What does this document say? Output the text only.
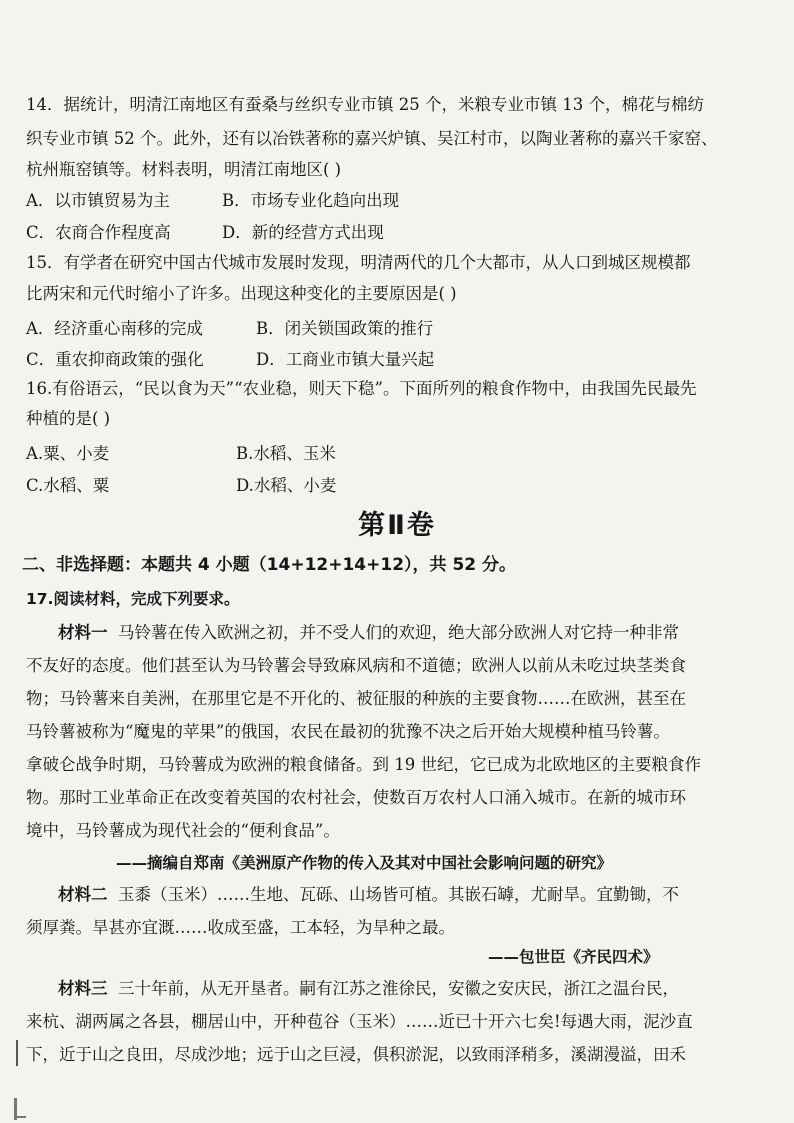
14．据统计，明清江南地区有蚕桑与丝织专业市镇 25 个，米粮专业市镇 13 个，棉花与棉纺
织专业市镇 52 个。此外，还有以冶铁著称的嘉兴炉镇、吴江村市，以陶业著称的嘉兴千家窑、
杭州瓶窑镇等。材料表明，明清江南地区( )
A．以市镇贸易为主	B．市场专业化趋向出现
C．农商合作程度高	D．新的经营方式出现
15．有学者在研究中国古代城市发展时发现，明清两代的几个大都市，从人口到城区规模都
比两宋和元代时缩小了许多。出现这种变化的主要原因是( )
A．经济重心南移的完成	B．闭关锁国政策的推行
C．重农抑商政策的强化	D．工商业市镇大量兴起
16.有俗语云，“民以食为天”“农业稳，则天下稳”。下面所列的粮食作物中，由我国先民最先
种植的是( )
A.粟、小麦	B.水稻、玉米
C.水稻、粟	D.水稻、小麦
第Ⅱ卷
二、非选择题：本题共 4 小题（14+12+14+12），共 52 分。
17.阅读材料，完成下列要求。
材料一 马铃薯在传入欧洲之初，并不受人们的欢迎，绝大部分欧洲人对它持一种非常
不友好的态度。他们甚至认为马铃薯会导致麻风病和不道德；欧洲人以前从未吃过块茎类食
物；马铃薯来自美洲，在那里它是不开化的、被征服的种族的主要食物……在欧洲，甚至在
马铃薯被称为“魔鬼的苹果”的俄国，农民在最初的犹豫不决之后开始大规模种植马铃薯。
拿破仑战争时期，马铃薯成为欧洲的粮食储备。到 19 世纪，它已成为北欧地区的主要粮食作
物。那时工业革命正在改变着英国的农村社会，使数百万农村人口涌入城市。在新的城市环
境中，马铃薯成为现代社会的“便利食品”。
——摘编自郑南《美洲原产作物的传入及其对中国社会影响问题的研究》
材料二 玉黍（玉米）……生地、瓦砾、山场皆可植。其嵌石罅，尤耐旱。宜勤锄，不
须厚粪。旱甚亦宜溉……收成至盛，工本轻，为旱种之最。
——包世臣《齐民四术》
材料三 三十年前，从无开垦者。嗣有江苏之淮徐民，安徽之安庆民，浙江之温台民，
来杭、湖两属之各县，棚居山中，开种苞谷（玉米）……近已十开六七矣!每遇大雨，泥沙直
下，近于山之良田，尽成沙地；远于山之巨浸，俱积淤泥，以致雨泽稍多，溪湖漫溢，田禾
